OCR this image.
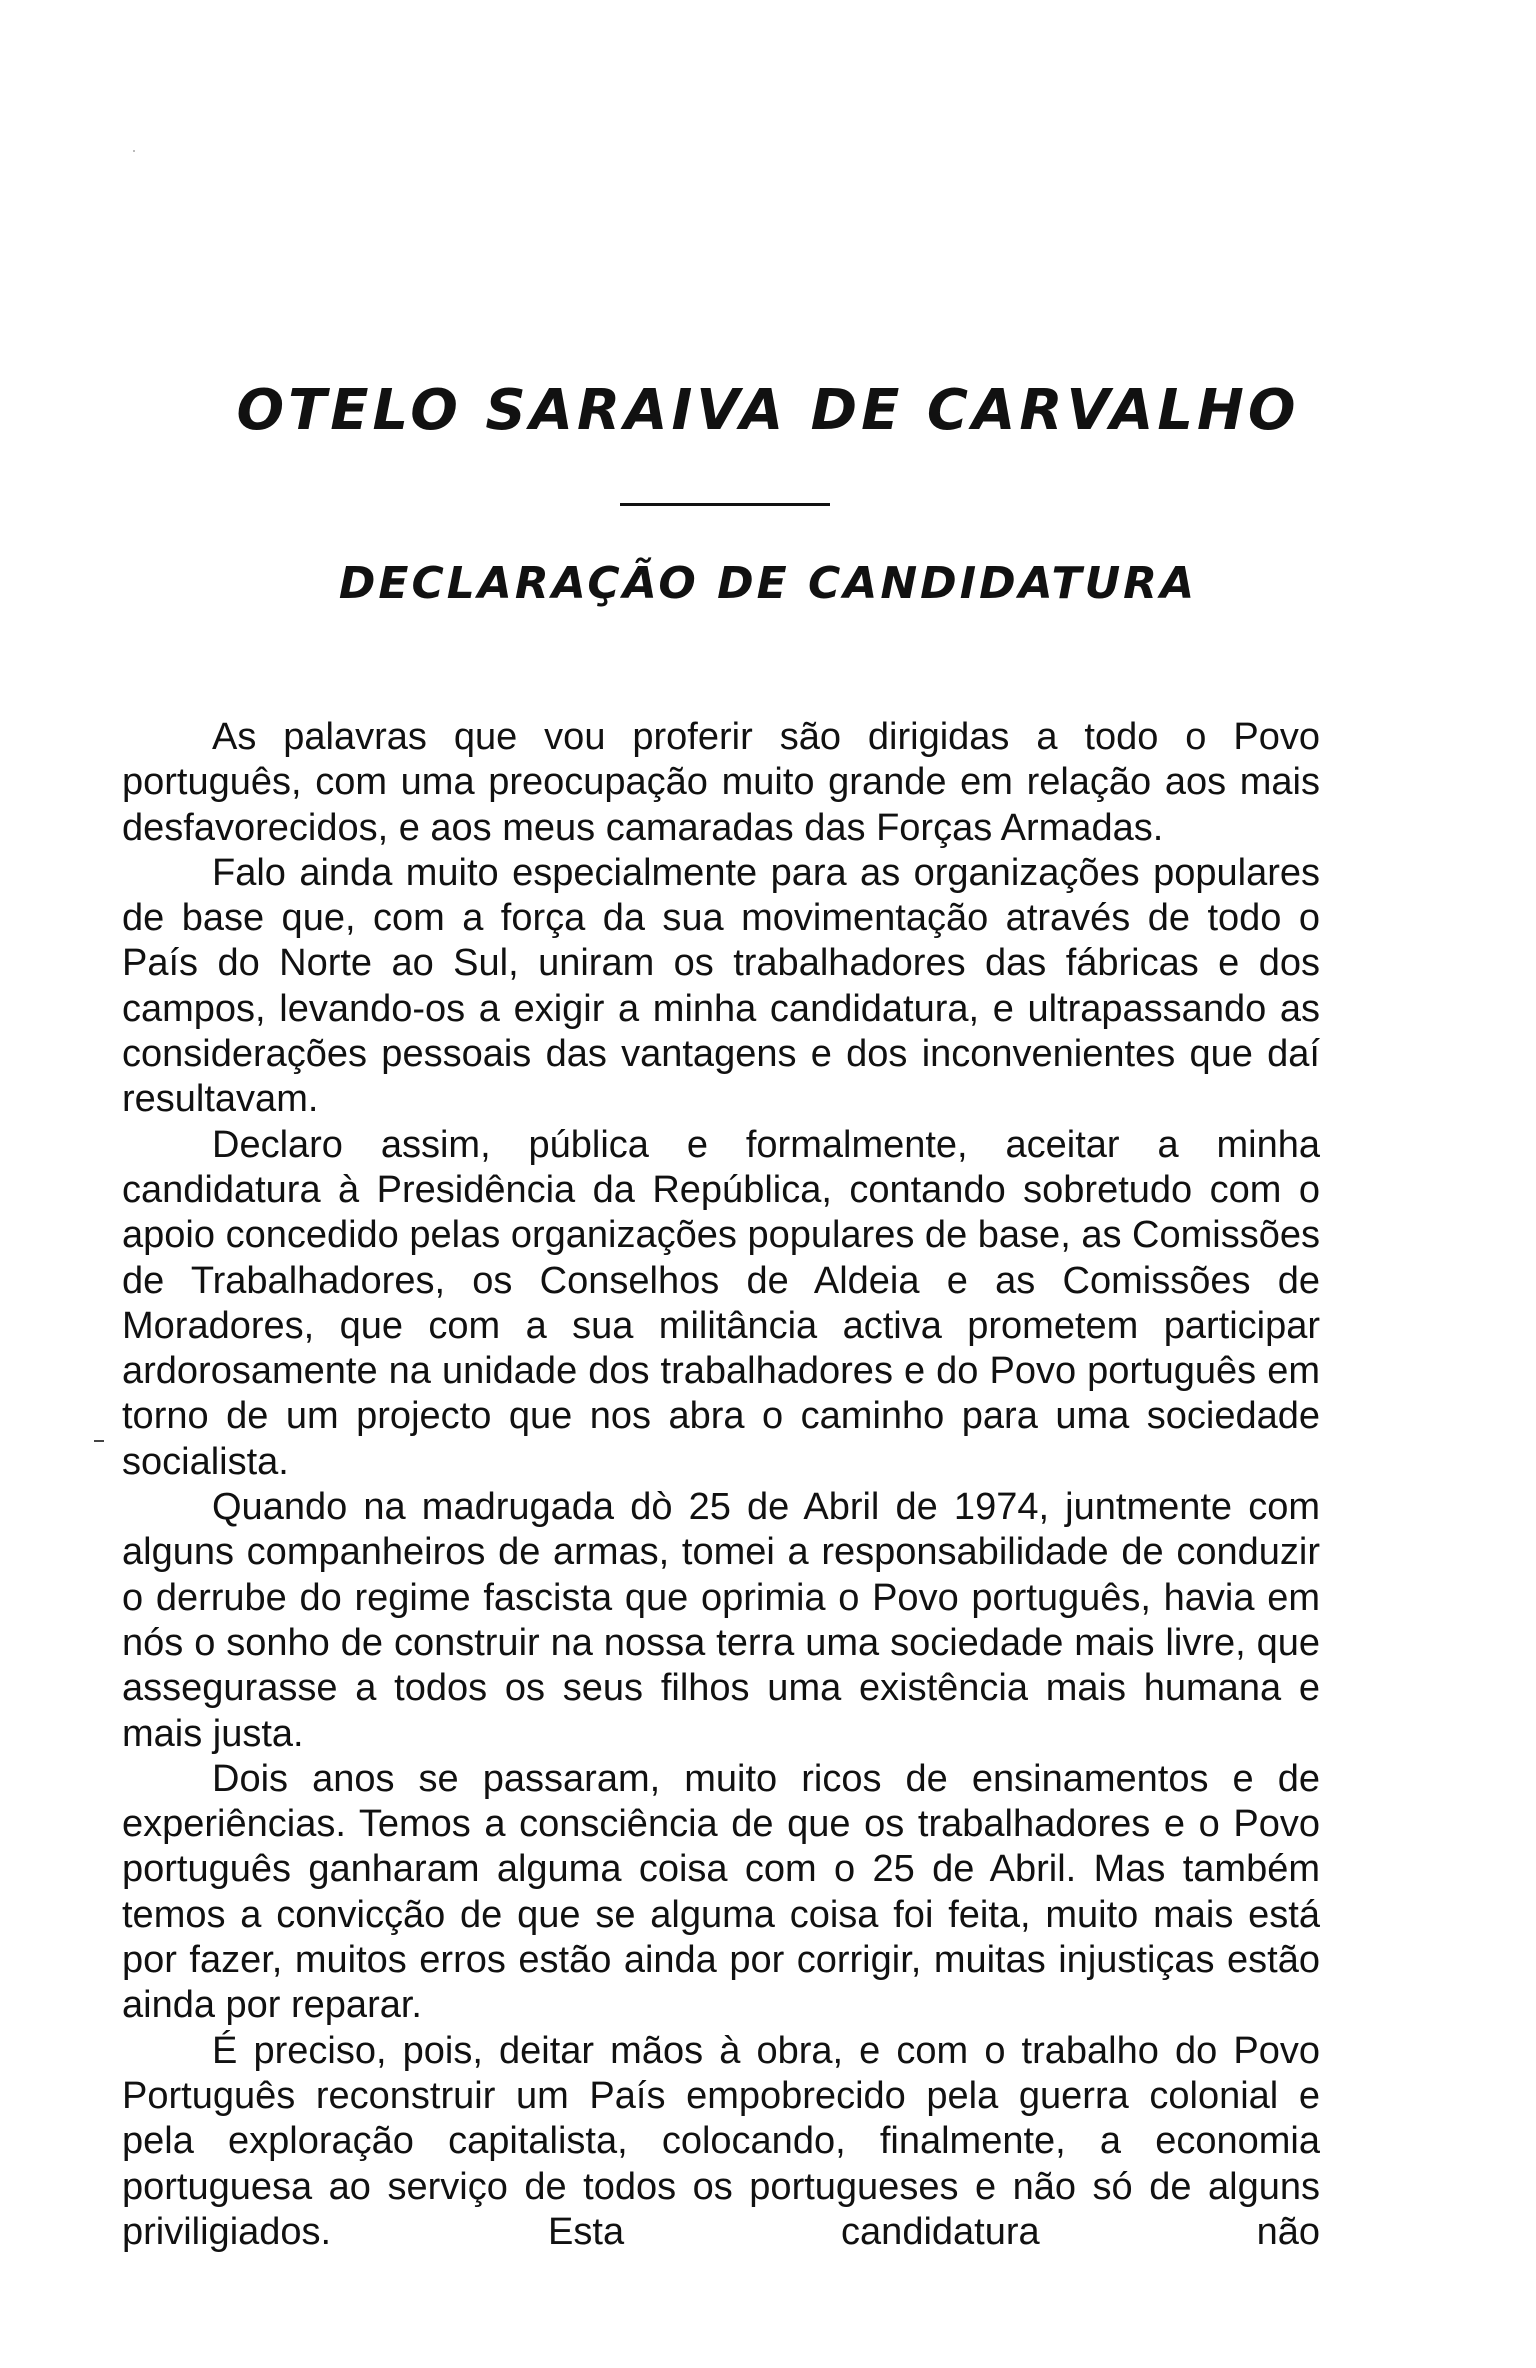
OTELO SARAIVA DE CARVALHO
DECLARAÇÃO DE CANDIDATURA

As palavras que vou proferir são dirigidas a todo o Povo português, com uma preocupação muito grande em relação aos mais desfavorecidos, e aos meus camaradas das Forças Armadas.

Falo ainda muito especialmente para as organizações populares de base que, com a força da sua movimentação através de todo o País do Norte ao Sul, uniram os trabalhadores das fábricas e dos campos, levando-os a exigir a minha candidatura, e ultrapassando as considerações pessoais das vantagens e dos inconvenientes que daí resultavam.

Declaro assim, pública e formalmente, aceitar a minha candidatura à Presidência da República, contando sobretudo com o apoio concedido pelas organizações populares de base, as Comissões de Trabalhadores, os Conselhos de Aldeia e as Comissões de Moradores, que com a sua militância activa prometem participar ardorosamente na unidade dos trabalhadores e do Povo português em torno de um projecto que nos abra o caminho para uma sociedade socialista.

Quando na madrugada dò 25 de Abril de 1974, juntmente com alguns companheiros de armas, tomei a responsabilidade de conduzir o derrube do regime fascista que oprimia o Povo português, havia em nós o sonho de construir na nossa terra uma sociedade mais livre, que assegurasse a todos os seus filhos uma existência mais humana e mais justa.

Dois anos se passaram, muito ricos de ensinamentos e de experiências. Temos a consciência de que os trabalhadores e o Povo português ganharam alguma coisa com o 25 de Abril. Mas também temos a convicção de que se alguma coisa foi feita, muito mais está por fazer, muitos erros estão ainda por corrigir, muitas injustiças estão ainda por reparar.

É preciso, pois, deitar mãos à obra, e com o trabalho do Povo Português reconstruir um País empobrecido pela guerra colonial e pela exploração capitalista, colocando, finalmente, a economia portuguesa ao serviço de todos os portugueses e não só de alguns priviligiados. Esta candidatura não
